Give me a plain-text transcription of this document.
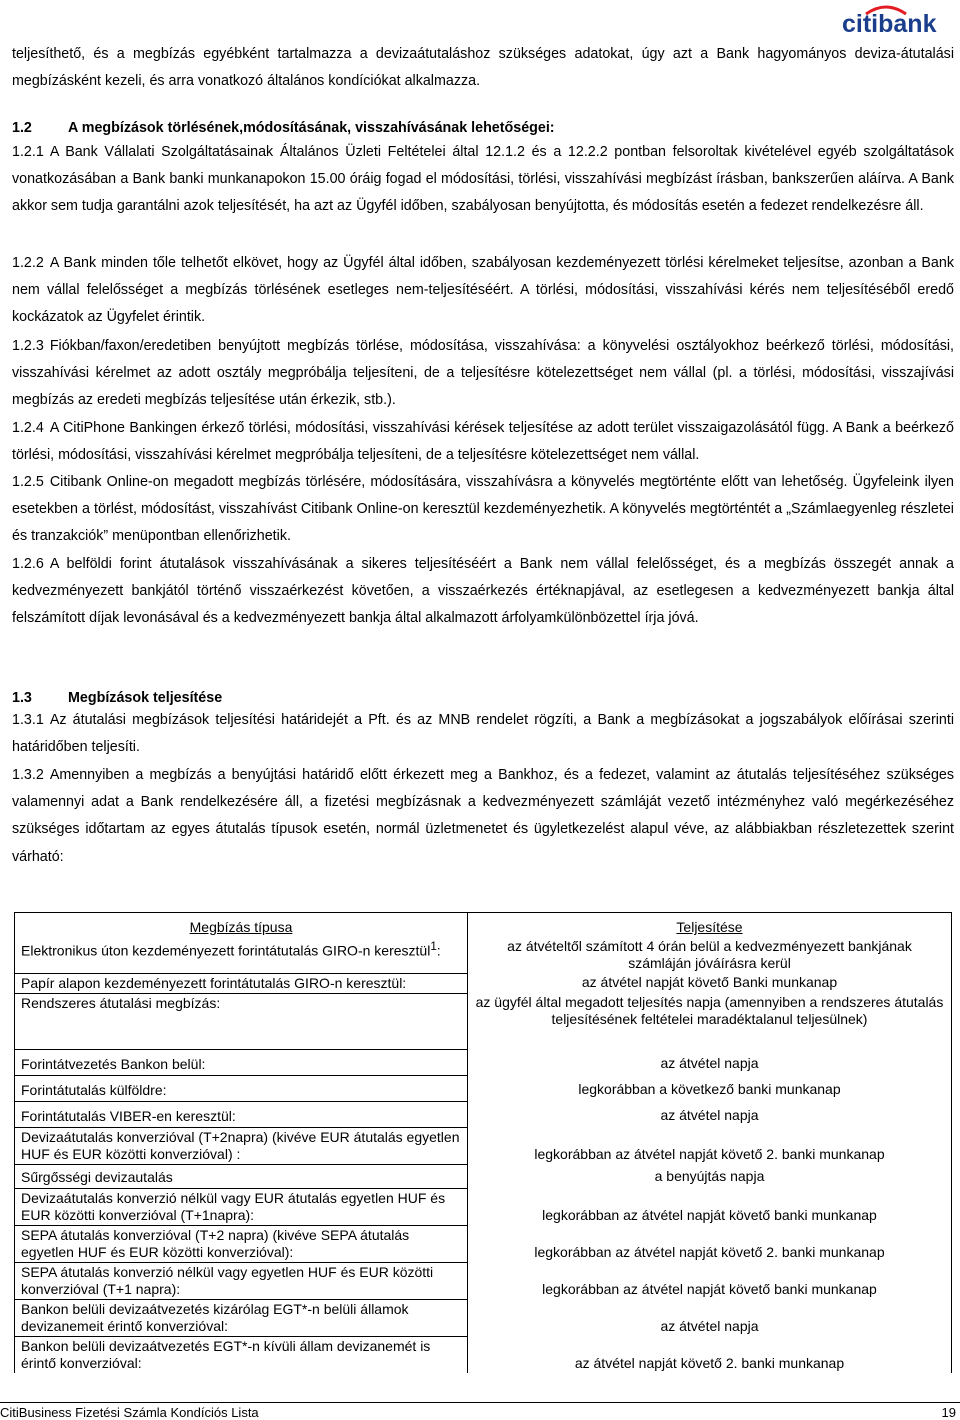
citibank

teljesíthető, és a megbízás egyébként tartalmazza a devizaátutaláshoz szükséges adatokat, úgy azt a Bank hagyományos deviza-átutalási megbízásként kezeli, és arra vonatkozó általános kondíciókat alkalmazza.

1.2	A megbízások törlésének,módosításának, visszahívásának lehetőségei:

1.2.1 A Bank Vállalati Szolgáltatásainak Általános Üzleti Feltételei által 12.1.2 és a 12.2.2 pontban felsoroltak kivételével egyéb szolgáltatások vonatkozásában a Bank banki munkanapokon 15.00 óráig fogad el módosítási, törlési, visszahívási megbízást írásban, bankszerűen aláírva. A Bank akkor sem tudja garantálni azok teljesítését, ha azt az Ügyfél időben, szabályosan benyújtotta, és módosítás esetén a fedezet rendelkezésre áll.

1.2.2 A Bank minden tőle telhetőt elkövet, hogy az Ügyfél által időben, szabályosan kezdeményezett törlési kérelmeket teljesítse, azonban a Bank nem vállal felelősséget a megbízás törlésének esetleges nem-teljesítéséért. A törlési, módosítási, visszahívási kérés nem teljesítéséből eredő kockázatok az Ügyfelet érintik.

1.2.3 Fiókban/faxon/eredetiben benyújtott megbízás törlése, módosítása, visszahívása: a könyvelési osztályokhoz beérkező törlési, módosítási, visszahívási kérelmet az adott osztály megpróbálja teljesíteni, de a teljesítésre kötelezettséget nem vállal (pl. a törlési, módosítási, visszajívási megbízás az eredeti megbízás teljesítése után érkezik, stb.).

1.2.4 A CitiPhone Bankingen érkező törlési, módosítási, visszahívási kérések teljesítése az adott terület visszaigazolásától függ. A Bank a beérkező törlési, módosítási, visszahívási kérelmet megpróbálja teljesíteni, de a teljesítésre kötelezettséget nem vállal.

1.2.5 Citibank Online-on megadott megbízás törlésére, módosítására, visszahívásra a könyvelés megtörténte előtt van lehetőség. Ügyfeleink ilyen esetekben a törlést, módosítást, visszahívást Citibank Online-on keresztül kezdeményezhetik. A könyvelés megtörténtét a „Számlaegyenleg részletei és tranzakciók” menüpontban ellenőrizhetik.

1.2.6 A belföldi forint átutalások visszahívásának a sikeres teljesítéséért a Bank nem vállal felelősséget, és a megbízás összegét annak a kedvezményezett bankjától történő visszaérkezést követően, a visszaérkezés értéknapjával, az esetlegesen a kedvezményezett bankja által felszámított díjak levonásával és a kedvezményezett bankja által alkalmazott árfolyamkülönbözettel írja jóvá.

1.3	Megbízások teljesítése

1.3.1 Az átutalási megbízások teljesítési határidejét a Pft. és az MNB rendelet rögzíti, a Bank a megbízásokat a jogszabályok előírásai szerinti határidőben teljesíti.

1.3.2 Amennyiben a megbízás a benyújtási határidő előtt érkezett meg a Bankhoz, és a fedezet, valamint az átutalás teljesítéséhez szükséges valamennyi adat a Bank rendelkezésére áll, a fizetési megbízásnak a kedvezményezett számláját vezető intézményhez való megérkezéséhez szükséges időtartam az egyes átutalás típusok esetén, normál üzletmenetet és ügyletkezelést alapul véve, az alábbiakban részletezettek szerint várható:

Megbízás típusa	Teljesítése
Elektronikus úton kezdeményezett forintátutalás GIRO-n keresztül$^1$:	az átvételtől számított 4 órán belül a kedvezményezett bankjának számláján jóváírásra kerül
Papír alapon kezdeményezett forintátutalás GIRO-n keresztül:	az átvétel napját követő Banki munkanap
Rendszeres átutalási megbízás:	az ügyfél által megadott teljesítés napja (amennyiben a rendszeres átutalás teljesítésének feltételei maradéktalanul teljesülnek)
Forintátvezetés Bankon belül:	az átvétel napja
Forintátutalás külföldre:	legkorábban a következő banki munkanap
Forintátutalás VIBER-en keresztül:	az átvétel napja
Devizaátutalás konverzióval (T+2napra) (kivéve EUR átutalás egyetlen HUF és EUR közötti konverzióval) :	legkorábban az átvétel napját követő 2. banki munkanap
Sűrgősségi devizautalás	a benyújtás napja
Devizaátutalás konverzió nélkül vagy EUR átutalás egyetlen HUF és EUR közötti konverzióval (T+1napra):	legkorábban az átvétel napját követő banki munkanap
SEPA átutalás konverzióval (T+2 napra) (kivéve SEPA átutalás egyetlen HUF és EUR közötti konverzióval):	legkorábban az átvétel napját követő 2. banki munkanap
SEPA átutalás konverzió nélkül vagy egyetlen HUF és EUR közötti konverzióval (T+1 napra):	legkorábban az átvétel napját követő banki munkanap
Bankon belüli devizaátvezetés kizárólag EGT*-n belüli államok devizanemeit érintő konverzióval:	az átvétel napja
Bankon belüli devizaátvezetés EGT*-n kívüli állam devizanemét is érintő konverzióval:	az átvétel napját követő 2. banki munkanap
CitiBusiness Fizetési Számla Kondíciós Lista	19
